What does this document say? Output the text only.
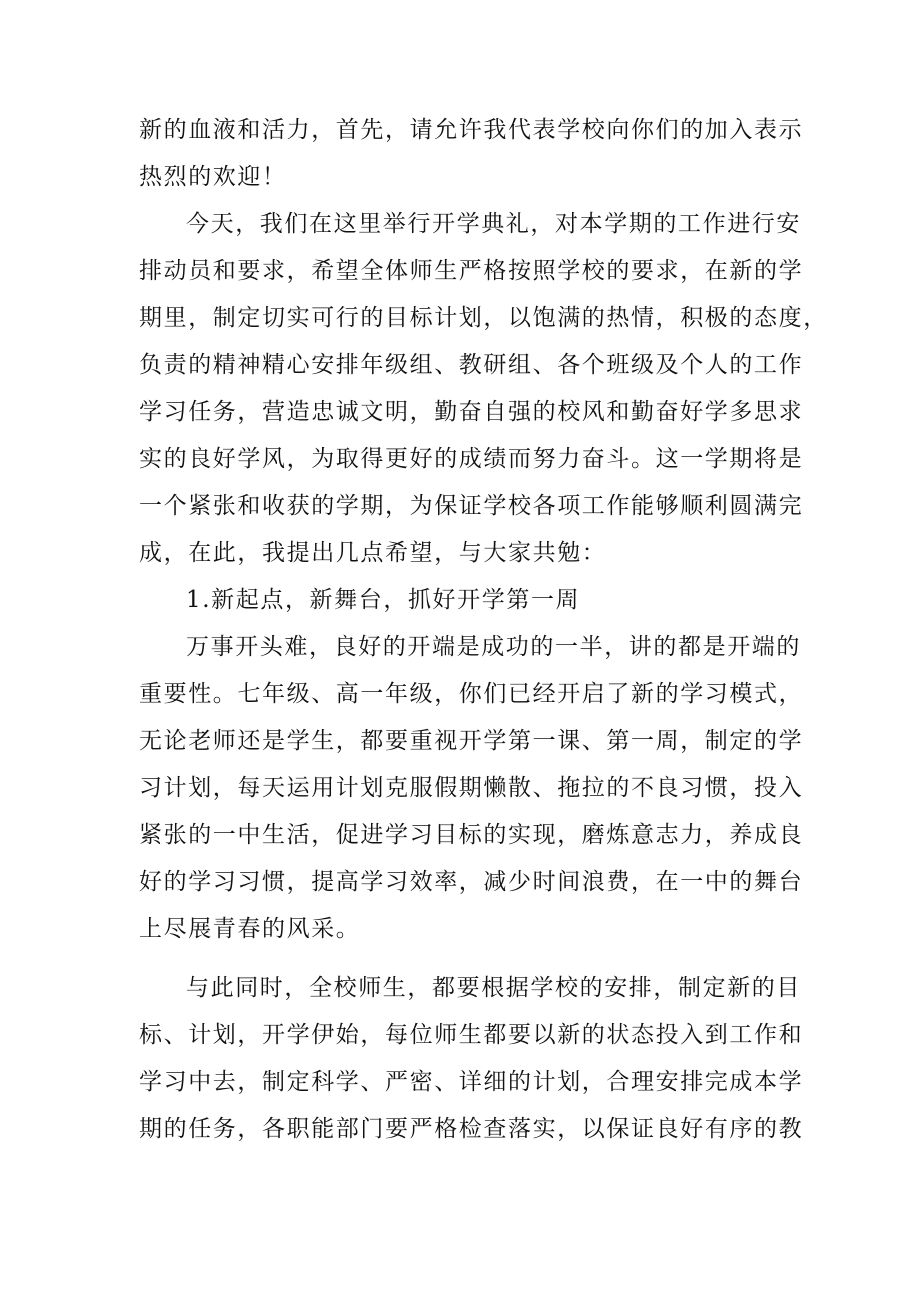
新的血液和活力，首先，请允许我代表学校向你们的加入表示
热烈的欢迎！
今天，我们在这里举行开学典礼，对本学期的工作进行安
排动员和要求，希望全体师生严格按照学校的要求，在新的学
期里，制定切实可行的目标计划，以饱满的热情，积极的态度，
负责的精神精心安排年级组、教研组、各个班级及个人的工作
学习任务，营造忠诚文明，勤奋自强的校风和勤奋好学多思求
实的良好学风，为取得更好的成绩而努力奋斗。这一学期将是
一个紧张和收获的学期，为保证学校各项工作能够顺利圆满完
成，在此，我提出几点希望，与大家共勉：
1.新起点，新舞台，抓好开学第一周
万事开头难，良好的开端是成功的一半，讲的都是开端的
重要性。七年级、高一年级，你们已经开启了新的学习模式，
无论老师还是学生，都要重视开学第一课、第一周，制定的学
习计划，每天运用计划克服假期懒散、拖拉的不良习惯，投入
紧张的一中生活，促进学习目标的实现，磨炼意志力，养成良
好的学习习惯，提高学习效率，减少时间浪费，在一中的舞台
上尽展青春的风采。
与此同时，全校师生，都要根据学校的安排，制定新的目
标、计划，开学伊始，每位师生都要以新的状态投入到工作和
学习中去，制定科学、严密、详细的计划，合理安排完成本学
期的任务，各职能部门要严格检查落实，以保证良好有序的教
